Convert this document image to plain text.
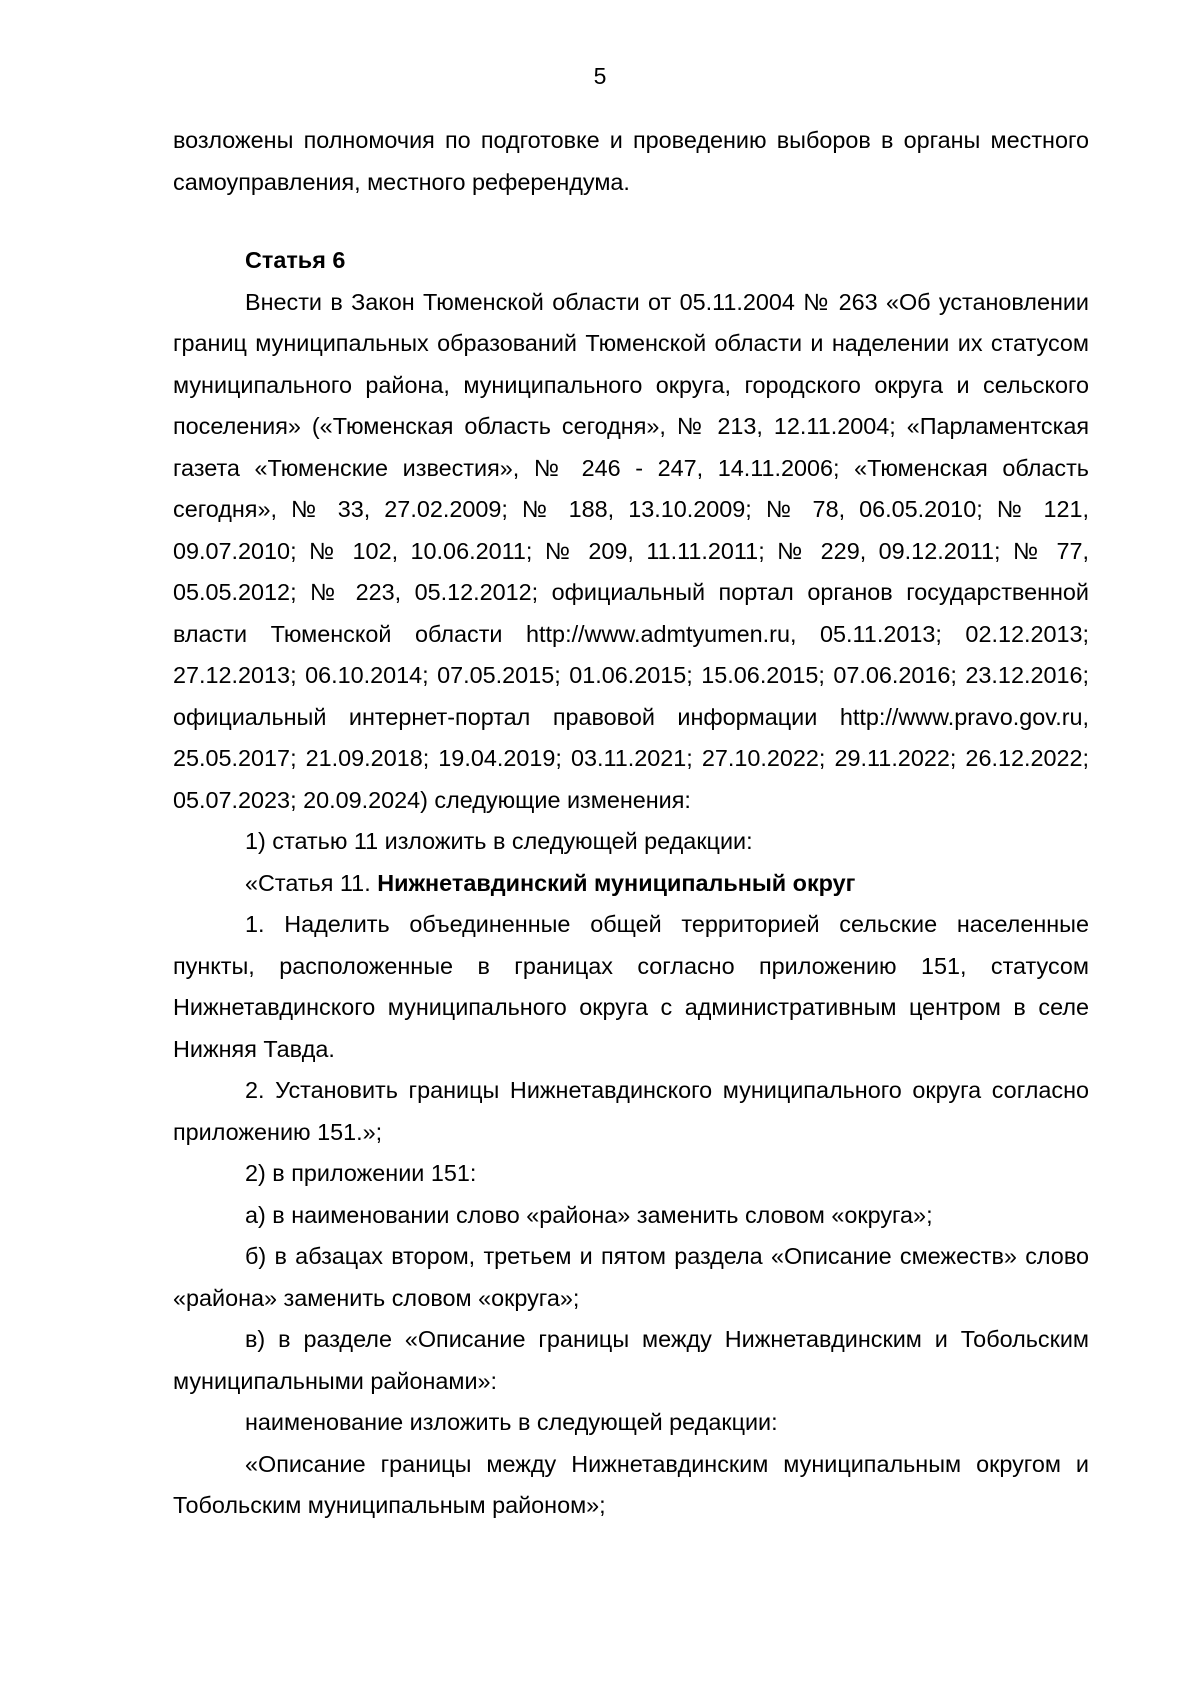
5

возложены полномочия по подготовке и проведению выборов в органы местного самоуправления, местного референдума.

Статья 6

Внести в Закон Тюменской области от 05.11.2004 № 263 «Об установлении границ муниципальных образований Тюменской области и наделении их статусом муниципального района, муниципального округа, городского округа и сельского поселения» («Тюменская область сегодня», № 213, 12.11.2004; «Парламентская газета «Тюменские известия», № 246 - 247, 14.11.2006; «Тюменская область сегодня», № 33, 27.02.2009; № 188, 13.10.2009; № 78, 06.05.2010; № 121, 09.07.2010; № 102, 10.06.2011; № 209, 11.11.2011; № 229, 09.12.2011; № 77, 05.05.2012; № 223, 05.12.2012; официальный портал органов государственной власти Тюменской области http://www.admtyumen.ru, 05.11.2013; 02.12.2013; 27.12.2013; 06.10.2014; 07.05.2015; 01.06.2015; 15.06.2015; 07.06.2016; 23.12.2016; официальный интернет-портал правовой информации http://www.pravo.gov.ru, 25.05.2017; 21.09.2018; 19.04.2019; 03.11.2021; 27.10.2022; 29.11.2022; 26.12.2022; 05.07.2023; 20.09.2024) следующие изменения:

1) статью 11 изложить в следующей редакции:

«Статья 11. Нижнетавдинский муниципальный округ

1. Наделить объединенные общей территорией сельские населенные пункты, расположенные в границах согласно приложению 151, статусом Нижнетавдинского муниципального округа с административным центром в селе Нижняя Тавда.

2. Установить границы Нижнетавдинского муниципального округа согласно приложению 151.»;

2) в приложении 151:

а) в наименовании слово «района» заменить словом «округа»;

б) в абзацах втором, третьем и пятом раздела «Описание смежеств» слово «района» заменить словом «округа»;

в) в разделе «Описание границы между Нижнетавдинским и Тобольским муниципальными районами»:

наименование изложить в следующей редакции:

«Описание границы между Нижнетавдинским муниципальным округом и Тобольским муниципальным районом»;
